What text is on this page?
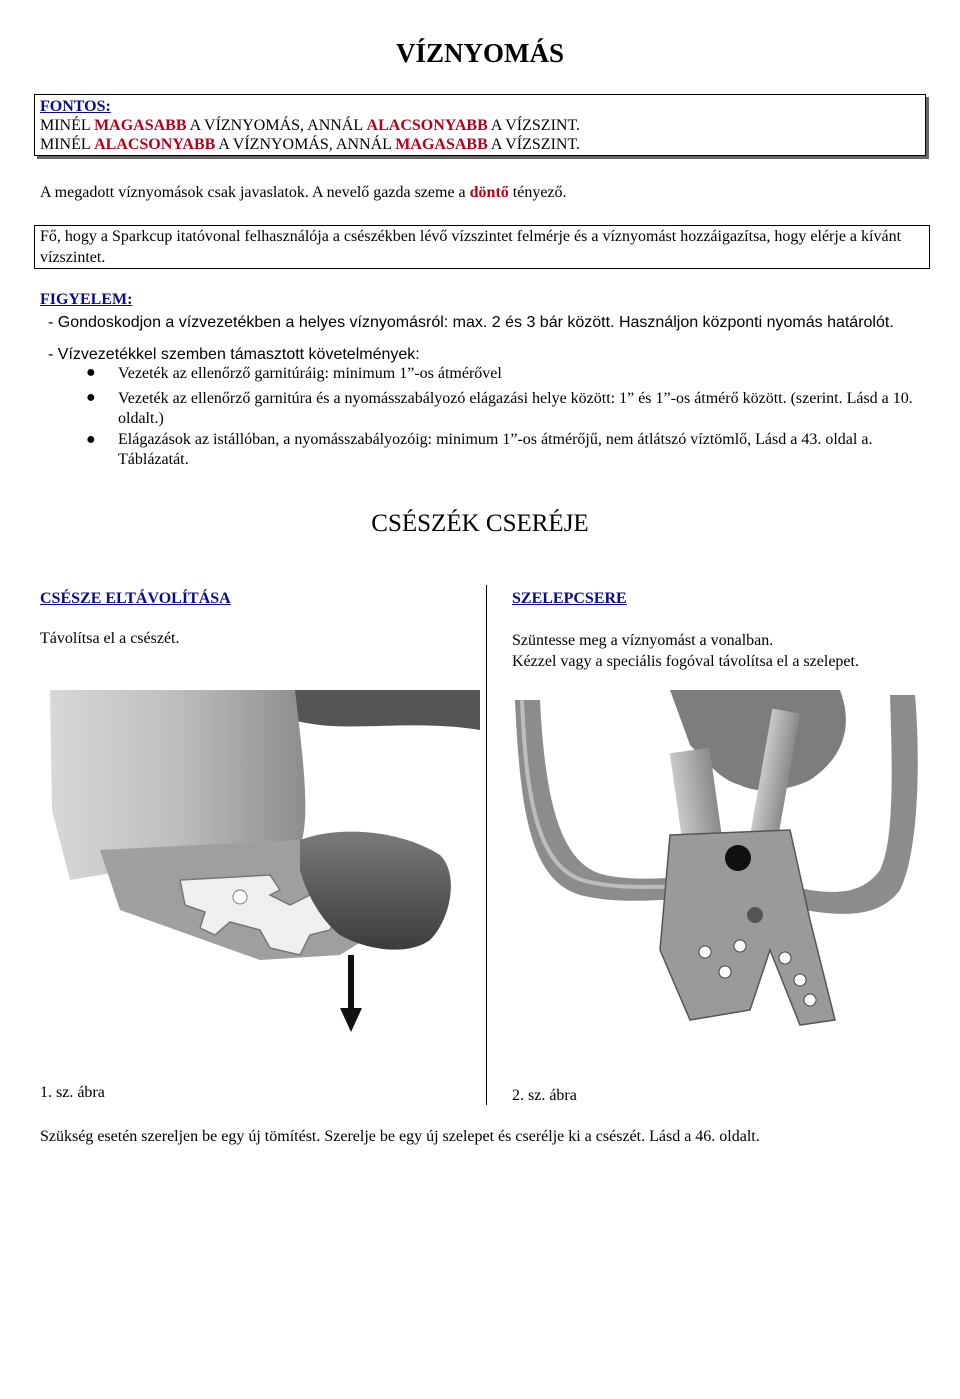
VÍZNYOMÁS
FONTOS:
MINÉL MAGASABB A VÍZNYOMÁS, ANNÁL ALACSONYABB A VÍZSZINT.
MINÉL ALACSONYABB A VÍZNYOMÁS, ANNÁL MAGASABB A VÍZSZINT.
A megadott víznyomások csak javaslatok. A nevelő gazda szeme a döntő tényező.
Fő, hogy a Sparkcup itatóvonal felhasználója a csészékben lévő vízszintet felmérje és a víznyomást hozzáigazítsa, hogy elérje a kívánt vízszintet.
FIGYELEM:
- Gondoskodjon a vízvezetékben a helyes víznyomásról: max. 2 és 3 bár között. Használjon központi nyomás határolót.
- Vízvezetékkel szemben támasztott követelmények:
● Vezeték az ellenőrző garnitúráig: minimum 1”-os átmérővel
● Vezeték az ellenőrző garnitúra és a nyomásszabályozó elágazási helye között: 1” és 1”-os átmérő között. (szerint. Lásd a 10. oldalt.)
● Elágazások az istállóban, a nyomásszabályozóig: minimum 1”-os átmérőjű, nem átlátszó víztömlő, Lásd a 43. oldal a. Táblázatát.
CSÉSZÉK CSERÉJE
CSÉSZE ELTÁVOLÍTÁSA
Távolítsa el a csészét.
SZELEPCSERE
Szüntesse meg a víznyomást a vonalban.
Kézzel vagy a speciális fogóval távolítsa el a szelepet.
1. sz. ábra	2. sz. ábra
Szükség esetén szereljen be egy új tömítést. Szerelje be egy új szelepet és cserélje ki a csészét. Lásd a 46. oldalt.
